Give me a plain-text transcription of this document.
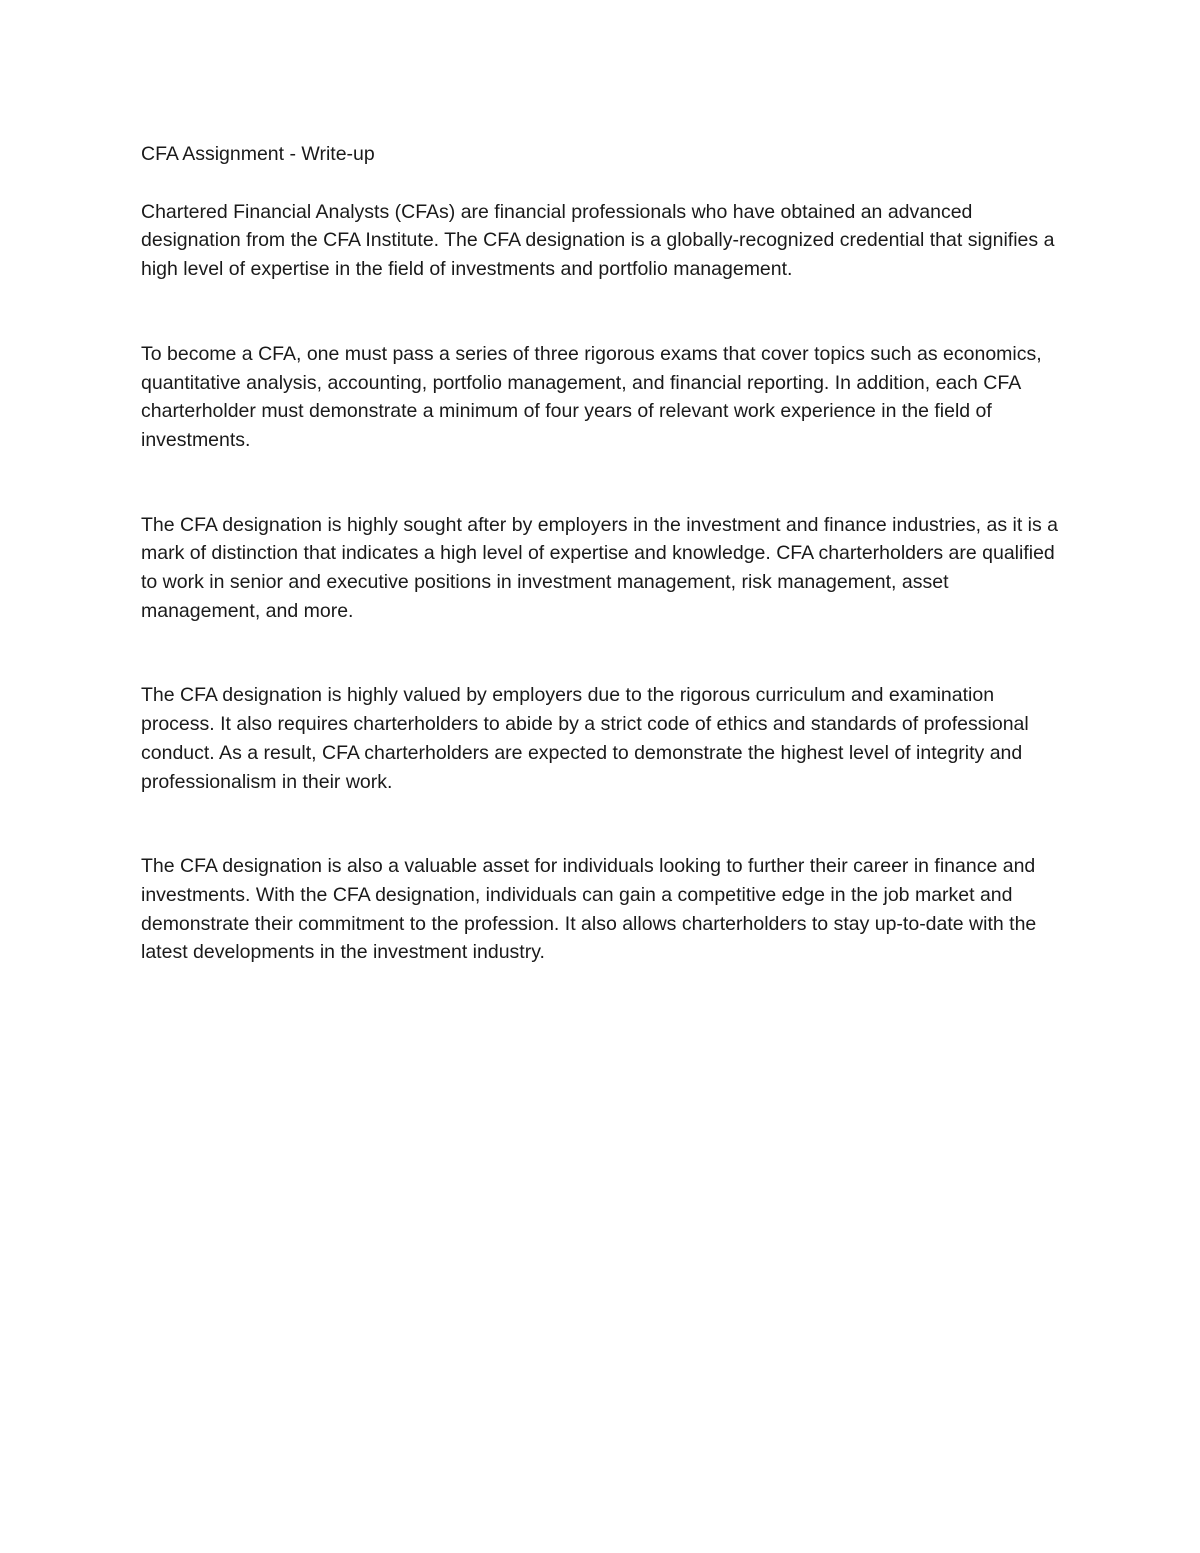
CFA Assignment - Write-up

Chartered Financial Analysts (CFAs) are financial professionals who have obtained an advanced designation from the CFA Institute. The CFA designation is a globally-recognized credential that signifies a high level of expertise in the field of investments and portfolio management.

To become a CFA, one must pass a series of three rigorous exams that cover topics such as economics, quantitative analysis, accounting, portfolio management, and financial reporting. In addition, each CFA charterholder must demonstrate a minimum of four years of relevant work experience in the field of investments.

The CFA designation is highly sought after by employers in the investment and finance industries, as it is a mark of distinction that indicates a high level of expertise and knowledge. CFA charterholders are qualified to work in senior and executive positions in investment management, risk management, asset management, and more.

The CFA designation is highly valued by employers due to the rigorous curriculum and examination process. It also requires charterholders to abide by a strict code of ethics and standards of professional conduct. As a result, CFA charterholders are expected to demonstrate the highest level of integrity and professionalism in their work.

The CFA designation is also a valuable asset for individuals looking to further their career in finance and investments. With the CFA designation, individuals can gain a competitive edge in the job market and demonstrate their commitment to the profession. It also allows charterholders to stay up-to-date with the latest developments in the investment industry.
